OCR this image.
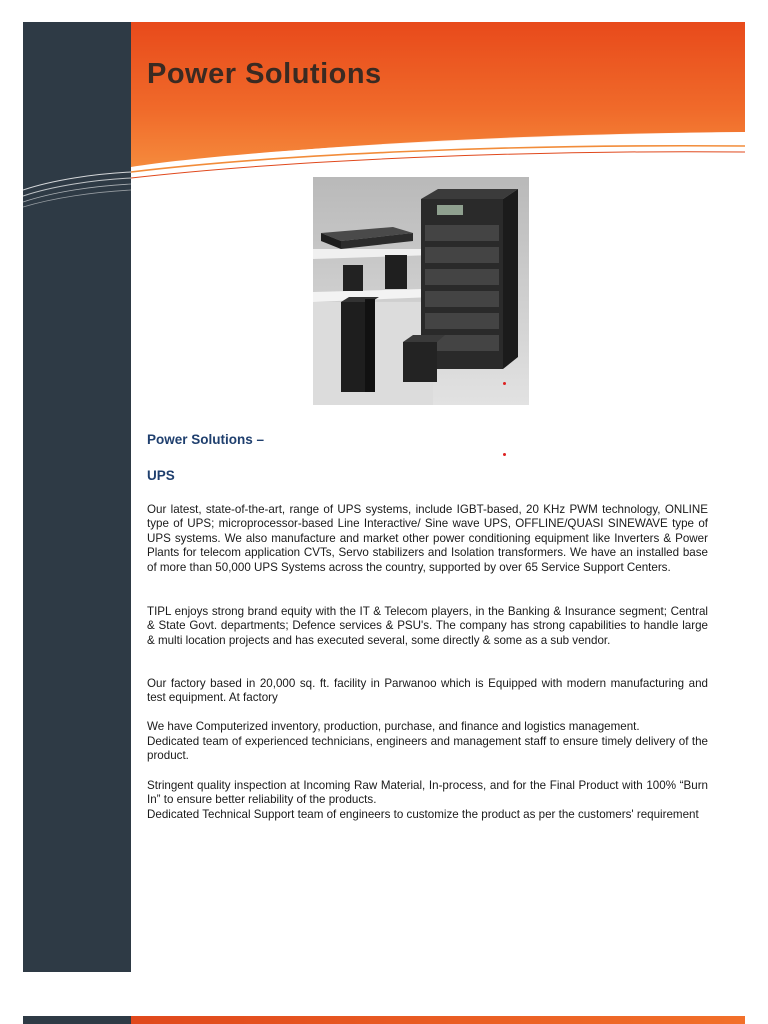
Power Solutions
Power Solutions –
UPS

Our latest, state-of-the-art, range of UPS systems, include IGBT-based, 20 KHz PWM technology, ONLINE type of UPS; microprocessor-based Line Interactive/ Sine wave UPS, OFFLINE/QUASI SINEWAVE type of UPS systems. We also manufacture and market other power conditioning equipment like Inverters & Power Plants for telecom application CVTs, Servo stabilizers and Isolation transformers. We have an installed base of more than 50,000 UPS Systems across the country, supported by over 65 Service Support Centers.

TIPL enjoys strong brand equity with the IT & Telecom players, in the Banking & Insurance segment; Central & State Govt. departments; Defence services & PSU's. The company has strong capabilities to handle large & multi location projects and has executed several, some directly & some as a sub vendor.

Our factory based in 20,000 sq. ft. facility in Parwanoo which is Equipped with modern manufacturing and test equipment. At factory

We have Computerized inventory, production, purchase, and finance and logistics management.

Dedicated team of experienced technicians, engineers and management staff to ensure timely delivery of the product.

Stringent quality inspection at Incoming Raw Material, In-process, and for the Final Product with 100% “Burn In” to ensure better reliability of the products.

Dedicated Technical Support team of engineers to customize the product as per the customers' requirement
